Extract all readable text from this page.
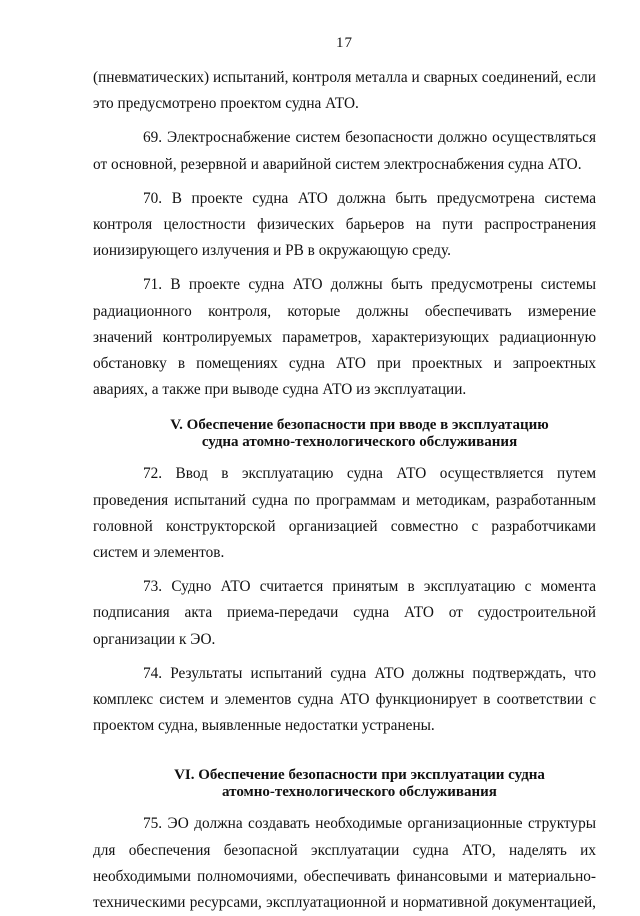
17

(пневматических) испытаний, контроля металла и сварных соединений, если это предусмотрено проектом судна АТО.

69. Электроснабжение систем безопасности должно осуществляться от основной, резервной и аварийной систем электроснабжения судна АТО.

70. В проекте судна АТО должна быть предусмотрена система контроля целостности физических барьеров на пути распространения ионизирующего излучения и РВ в окружающую среду.

71. В проекте судна АТО должны быть предусмотрены системы радиационного контроля, которые должны обеспечивать измерение значений контролируемых параметров, характеризующих радиационную обстановку в помещениях судна АТО при проектных и запроектных авариях, а также при выводе судна АТО из эксплуатации.

V. Обеспечение безопасности при вводе в эксплуатацию
судна атомно-технологического обслуживания

72. Ввод в эксплуатацию судна АТО осуществляется путем проведения испытаний судна по программам и методикам, разработанным головной конструкторской организацией совместно с разработчиками систем и элементов.

73. Судно АТО считается принятым в эксплуатацию с момента подписания акта приема-передачи судна АТО от судостроительной организации к ЭО.

74. Результаты испытаний судна АТО должны подтверждать, что комплекс систем и элементов судна АТО функционирует в соответствии с проектом судна, выявленные недостатки устранены.

VI. Обеспечение безопасности при эксплуатации судна
атомно-технологического обслуживания

75. ЭО должна создавать необходимые организационные структуры для обеспечения безопасной эксплуатации судна АТО, наделять их необходимыми полномочиями, обеспечивать финансовыми и материально-техническими ресурсами, эксплуатационной и нормативной документацией,
